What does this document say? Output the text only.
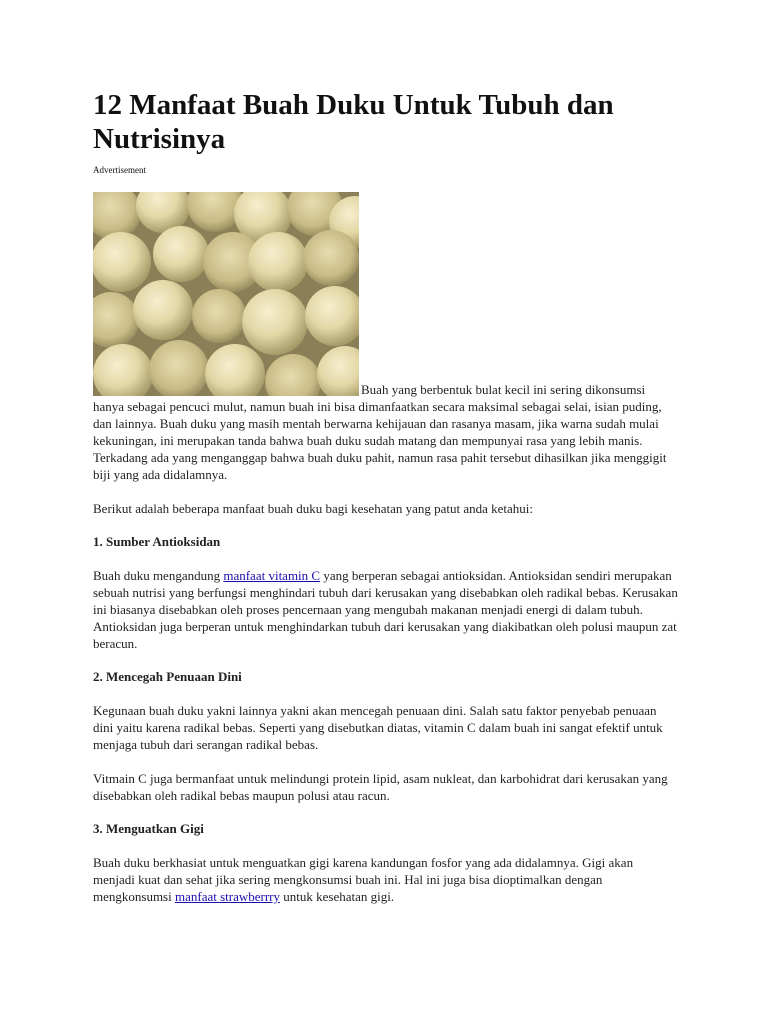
12 Manfaat Buah Duku Untuk Tubuh dan Nutrisinya
Advertisement

Buah yang berbentuk bulat kecil ini sering dikonsumsi hanya sebagai pencuci mulut, namun buah ini bisa dimanfaatkan secara maksimal sebagai selai, isian puding, dan lainnya. Buah duku yang masih mentah berwarna kehijauan dan rasanya masam, jika warna sudah mulai kekuningan, ini merupakan tanda bahwa buah duku sudah matang dan mempunyai rasa yang lebih manis. Terkadang ada yang menganggap bahwa buah duku pahit, namun rasa pahit tersebut dihasilkan jika menggigit biji yang ada didalamnya.

Berikut adalah beberapa manfaat buah duku bagi kesehatan yang patut anda ketahui:

1. Sumber Antioksidan

Buah duku mengandung manfaat vitamin C yang berperan sebagai antioksidan. Antioksidan sendiri merupakan sebuah nutrisi yang berfungsi menghindari tubuh dari kerusakan yang disebabkan oleh radikal bebas. Kerusakan ini biasanya disebabkan oleh proses pencernaan yang mengubah makanan menjadi energi di dalam tubuh. Antioksidan juga berperan untuk menghindarkan tubuh dari kerusakan yang diakibatkan oleh polusi maupun zat beracun.

2. Mencegah Penuaan Dini

Kegunaan buah duku yakni lainnya yakni akan mencegah penuaan dini. Salah satu faktor penyebab penuaan dini yaitu karena radikal bebas. Seperti yang disebutkan diatas, vitamin C dalam buah ini sangat efektif untuk menjaga tubuh dari serangan radikal bebas.

Vitmain C juga bermanfaat untuk melindungi protein lipid, asam nukleat, dan karbohidrat dari kerusakan yang disebabkan oleh radikal bebas maupun polusi atau racun.

3. Menguatkan Gigi

Buah duku berkhasiat untuk menguatkan gigi karena kandungan fosfor yang ada didalamnya. Gigi akan menjadi kuat dan sehat jika sering mengkonsumsi buah ini. Hal ini juga bisa dioptimalkan dengan mengkonsumsi manfaat strawberrry untuk kesehatan gigi.
